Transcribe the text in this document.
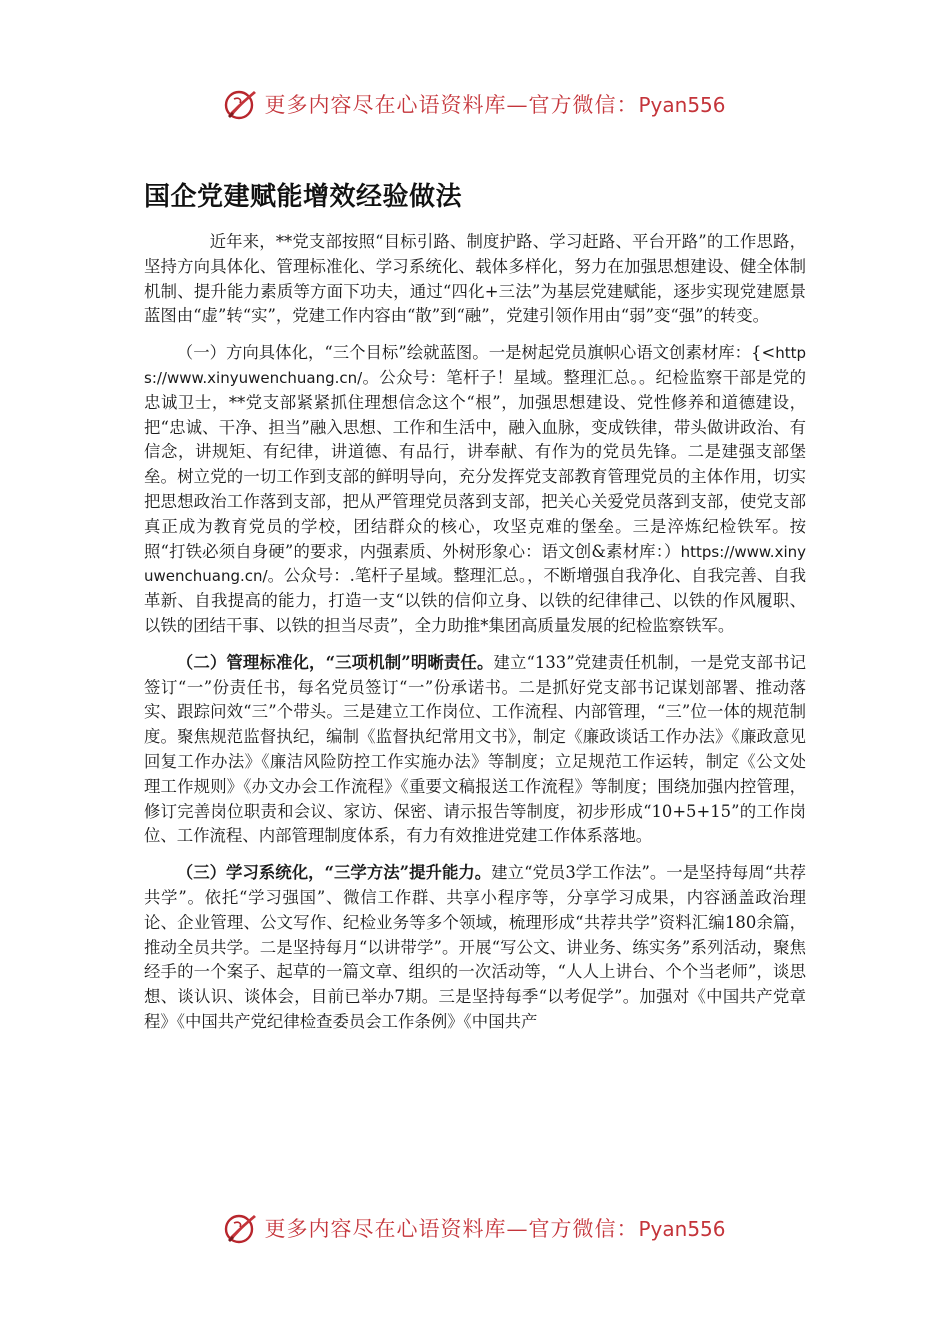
更多内容尽在心语资料库—官方微信：Pyan556
国企党建赋能增效经验做法

近年来，**党支部按照“目标引路、制度护路、学习赶路、平台开路”的工作思路，坚持方向具体化、管理标准化、学习系统化、载体多样化，努力在加强思想建设、健全体制机制、提升能力素质等方面下功夫，通过“四化+三法”为基层党建赋能，逐步实现党建愿景蓝图由“虚”转“实”，党建工作内容由“散”到“融”，党建引领作用由“弱”变“强”的转变。

（一）方向具体化，“三个目标”绘就蓝图。一是树起党员旗帜心语文创素材库：{<https://www.xinyuwenchuang.cn/。公众号：笔杆子！星域。整理汇总。。纪检监察干部是党的忠诚卫士，**党支部紧紧抓住理想信念这个“根”，加强思想建设、党性修养和道德建设，把“忠诚、干净、担当”融入思想、工作和生活中，融入血脉，变成铁律，带头做讲政治、有信念，讲规矩、有纪律，讲道德、有品行，讲奉献、有作为的党员先锋。二是建强支部堡垒。树立党的一切工作到支部的鲜明导向，充分发挥党支部教育管理党员的主体作用，切实把思想政治工作落到支部，把从严管理党员落到支部，把关心关爱党员落到支部，使党支部真正成为教育党员的学校，团结群众的核心，攻坚克难的堡垒。三是淬炼纪检铁军。按照“打铁必须自身硬”的要求，内强素质、外树形象心：语文创&素材库：）https://www.xinyuwenchuang.cn/。公众号：.笔杆子星域。整理汇总。，不断增强自我净化、自我完善、自我革新、自我提高的能力，打造一支“以铁的信仰立身、以铁的纪律律己、以铁的作风履职、以铁的团结干事、以铁的担当尽责”，全力助推*集团高质量发展的纪检监察铁军。

（二）管理标准化，“三项机制”明晰责任。建立“133”党建责任机制，一是党支部书记签订“一”份责任书，每名党员签订“一”份承诺书。二是抓好党支部书记谋划部署、推动落实、跟踪问效“三”个带头。三是建立工作岗位、工作流程、内部管理，“三”位一体的规范制度。聚焦规范监督执纪，编制《监督执纪常用文书》，制定《廉政谈话工作办法》《廉政意见回复工作办法》《廉洁风险防控工作实施办法》等制度；立足规范工作运转，制定《公文处理工作规则》《办文办会工作流程》《重要文稿报送工作流程》等制度；围绕加强内控管理，修订完善岗位职责和会议、家访、保密、请示报告等制度，初步形成“10+5+15”的工作岗位、工作流程、内部管理制度体系，有力有效推进党建工作体系落地。

（三）学习系统化，“三学方法”提升能力。建立“党员3学工作法”。一是坚持每周“共荐共学”。依托“学习强国”、微信工作群、共享小程序等，分享学习成果，内容涵盖政治理论、企业管理、公文写作、纪检业务等多个领域，梳理形成“共荐共学”资料汇编180余篇，推动全员共学。二是坚持每月“以讲带学”。开展“写公文、讲业务、练实务”系列活动，聚焦经手的一个案子、起草的一篇文章、组织的一次活动等，“人人上讲台、个个当老师”，谈思想、谈认识、谈体会，目前已举办7期。三是坚持每季“以考促学”。加强对《中国共产党章程》《中国共产党纪律检查委员会工作条例》《中国共产

更多内容尽在心语资料库—官方微信：Pyan556
